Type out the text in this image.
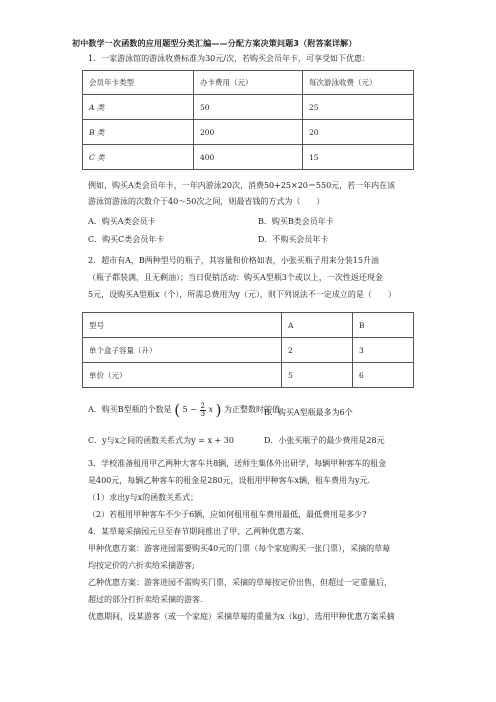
初中数学一次函数的应用题型分类汇编——分配方案决策问题3（附答案详解）
1．一家游泳馆的游泳收费标准为30元/次，若购买会员年卡，可享受如下优惠：
会员年卡类型	办卡费用（元）	每次游泳收费（元）
A 类	50	25
B 类	200	20
C 类	400	15
例如，购买A类会员年卡，一年内游泳20次，消费50+25×20＝550元，若一年内在该
游泳馆游泳的次数介于40～50次之间，则最省钱的方式为（　　）
A．购买A类会员卡	B．购买B类会员年卡
C．购买C类会员年卡	D．不购买会员年卡
2．超市有A，B两种型号的瓶子，其容量和价格如表，小张买瓶子用来分装15升油
（瓶子都装满，且无剩油）；当日促销活动：购买A型瓶3个或以上，一次性返还现金
5元，设购买A型瓶x（个），所需总费用为y（元），则下列说法不一定成立的是（　　）
型号	A	B
单个盒子容量（升）	2	3
单价（元）	5	6
A．购买B型瓶的个数是 ( $5 - \frac{2}{3}$ x ) 为正整数时的值
B．购买A型瓶最多为6个
C．y与x之间的函数关系式为y = x + 30	D．小张买瓶子的最少费用是28元
3．学校准备租用甲乙两种大客车共8辆，送师生集体外出研学，每辆甲种客车的租金
是400元，每辆乙种客车的租金是280元，设租用甲种客车x辆，租车费用为y元.
（1）求出y与x的函数关系式；
（2）若租用甲种客车不少于6辆，应如何租用租车费用最低，最低费用是多少?
4．某草莓采摘园元旦至春节期间推出了甲、乙两种优惠方案.
甲种优惠方案：游客进园需要购买40元的门票（每个家庭购买一张门票），采摘的草莓
均按定价的六折卖给采摘游客;
乙种优惠方案：游客进园不需购买门票，采摘的草莓按定价出售，但超过一定重量后，
超过的部分打折卖给采摘的游客.
优惠期间，设某游客（或一个家庭）采摘草莓的重量为x（kg），选用甲种优惠方案采摘
